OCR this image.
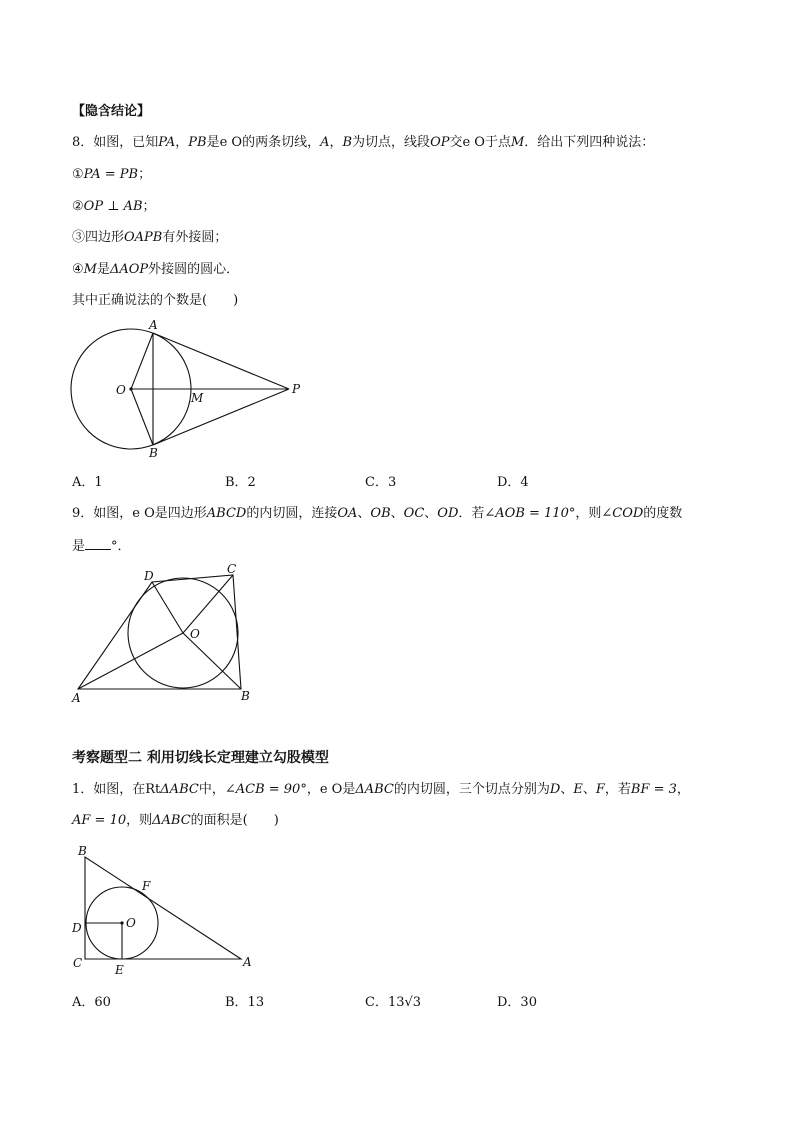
【隐含结论】
8．如图，已知PA，PB是e O的两条切线，A，B为切点，线段OP交e O于点M．给出下列四种说法：
①PA = PB；
②OP ⊥ AB；
③四边形OAPB有外接圆；
④M是ΔAOP外接圆的圆心．
其中正确说法的个数是(　　)
A
O
M
P
B
A．1	B．2	C．3	D．4
9．如图，e O是四边形ABCD的内切圆，连接OA、OB、OC、OD．若∠AOB = 110°，则∠COD的度数
是 °．
D	C
O
A	B
考察题型二 利用切线长定理建立勾股模型
1．如图，在RtΔABC中，∠ACB = 90°，e O是ΔABC的内切圆，三个切点分别为D、E、F，若BF = 3，
AF = 10，则ΔABC的面积是(　　)
B
F
D	O
C	E
A
A．60	B．13	C．13√3	D．30
